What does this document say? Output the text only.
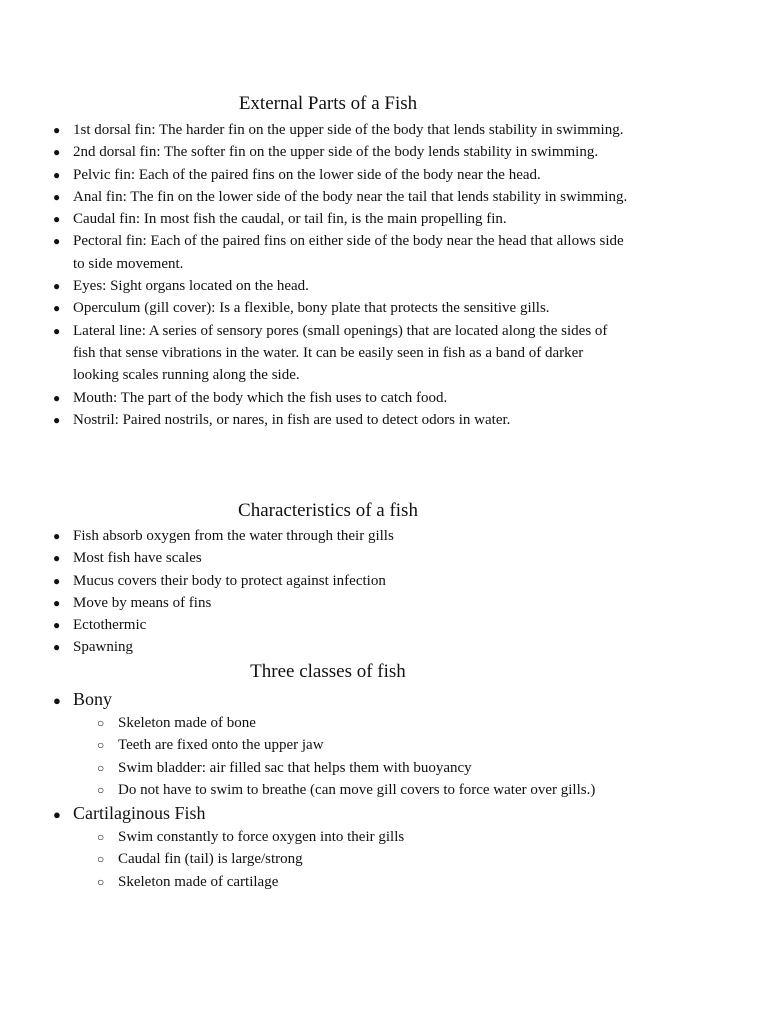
External Parts of a Fish
● 1st dorsal fin: The harder fin on the upper side of the body that lends stability in swimming.
● 2nd dorsal fin: The softer fin on the upper side of the body lends stability in swimming.
● Pelvic fin: Each of the paired fins on the lower side of the body near the head.
● Anal fin: The fin on the lower side of the body near the tail that lends stability in swimming.
● Caudal fin: In most fish the caudal, or tail fin, is the main propelling fin.
● Pectoral fin: Each of the paired fins on either side of the body near the head that allows side to side movement.
● Eyes: Sight organs located on the head.
● Operculum (gill cover): Is a flexible, bony plate that protects the sensitive gills.
● Lateral line: A series of sensory pores (small openings) that are located along the sides of fish that sense vibrations in the water. It can be easily seen in fish as a band of darker looking scales running along the side.
● Mouth: The part of the body which the fish uses to catch food.
● Nostril: Paired nostrils, or nares, in fish are used to detect odors in water.
Characteristics of a fish
● Fish absorb oxygen from the water through their gills
● Most fish have scales
● Mucus covers their body to protect against infection
● Move by means of fins
● Ectothermic
● Spawning
Three classes of fish
● Bony
○ Skeleton made of bone
○ Teeth are fixed onto the upper jaw
○ Swim bladder: air filled sac that helps them with buoyancy
○ Do not have to swim to breathe (can move gill covers to force water over gills.)
● Cartilaginous Fish
○ Swim constantly to force oxygen into their gills
○ Caudal fin (tail) is large/strong
○ Skeleton made of cartilage
